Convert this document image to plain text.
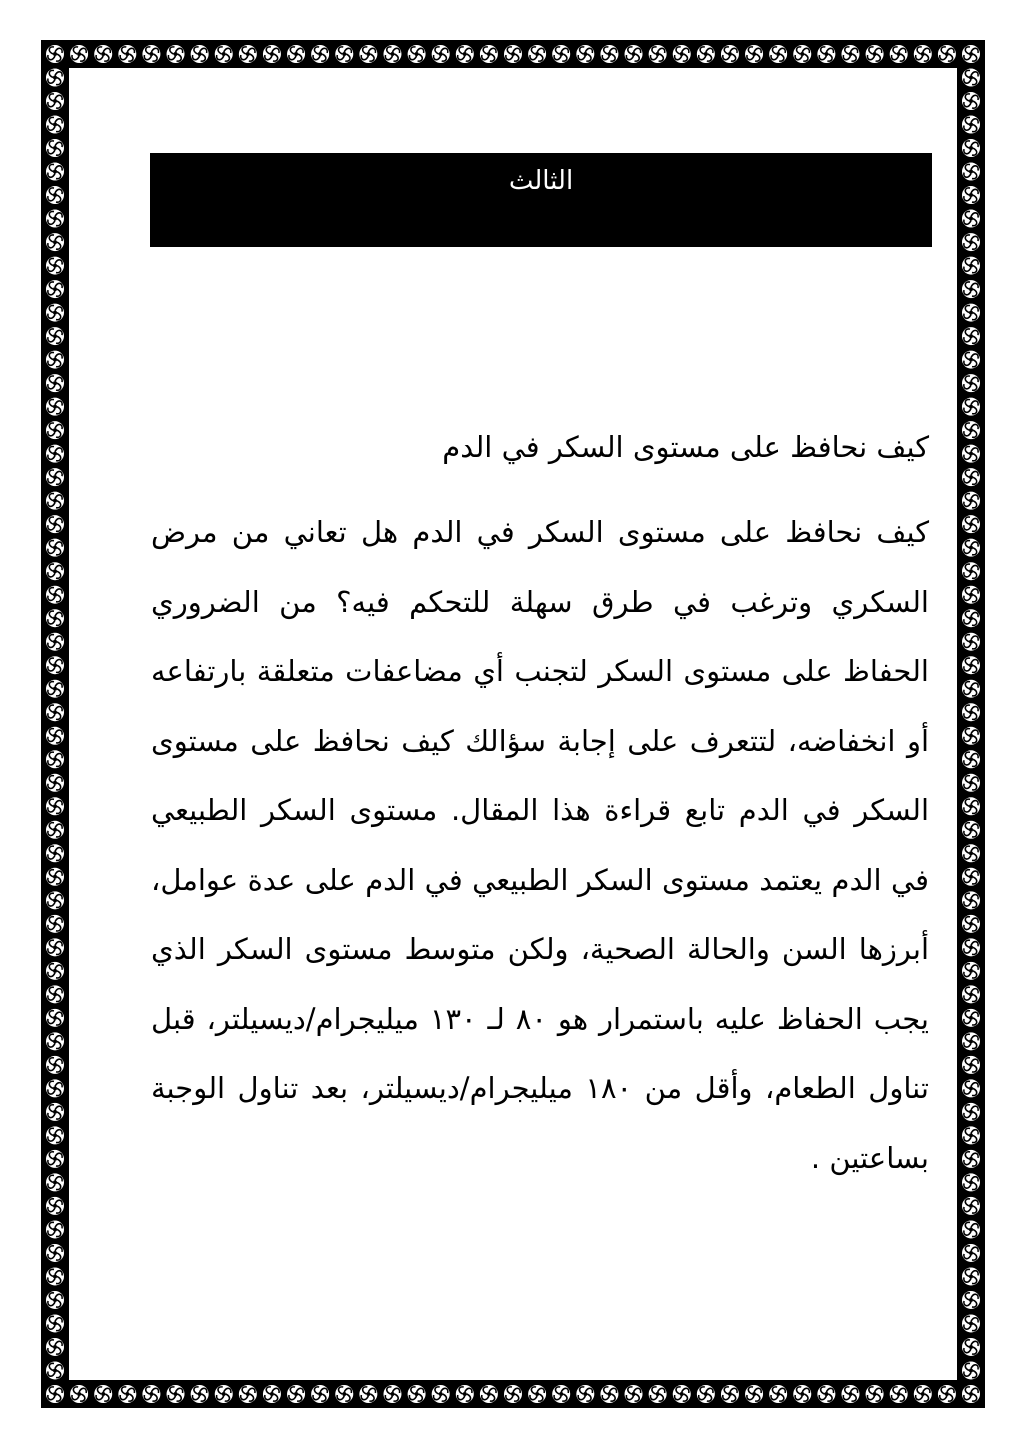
الثالث
كيف نحافظ على مستوى السكر في الدم

كيف نحافظ على مستوى السكر في الدم هل تعاني من مرض السكري وترغب في طرق سهلة للتحكم فيه؟ من الضروري الحفاظ على مستوى السكر لتجنب أي مضاعفات متعلقة بارتفاعه أو انخفاضه، لتتعرف على إجابة سؤالك كيف نحافظ على مستوى السكر في الدم تابع قراءة هذا المقال. مستوى السكر الطبيعي في الدم يعتمد مستوى السكر الطبيعي في الدم على عدة عوامل، أبرزها السن والحالة الصحية، ولكن متوسط مستوى السكر الذي يجب الحفاظ عليه باستمرار هو ٨٠ لـ ١٣٠ ميليجرام/ديسيلتر، قبل تناول الطعام، وأقل من ١٨٠ ميليجرام/ديسيلتر، بعد تناول الوجبة بساعتين .
